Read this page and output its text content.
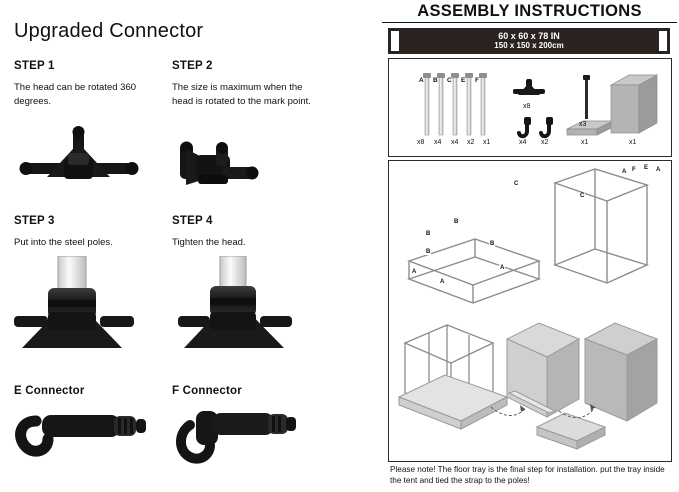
Upgraded Connector
STEP 1
The head can be rotated 360 degrees.
STEP 2
The size is maximum when the head is rotated to the mark point.
STEP 3
Put into the steel poles.
STEP 4
Tighten the head.
E Connector	F Connector
ASSEMBLY INSTRUCTIONS
60 x 60 x 78 IN
150 x 150 x 200cm
A B C E F
x8 x4 x4 x2 x1
x8
x4
x3
x2	x1	x1
A F E A
C
C
B
B
B
B
A
A
A
Please note! The floor tray is the final step for installation. put the tray inside the tent and tied the strap to the poles!
